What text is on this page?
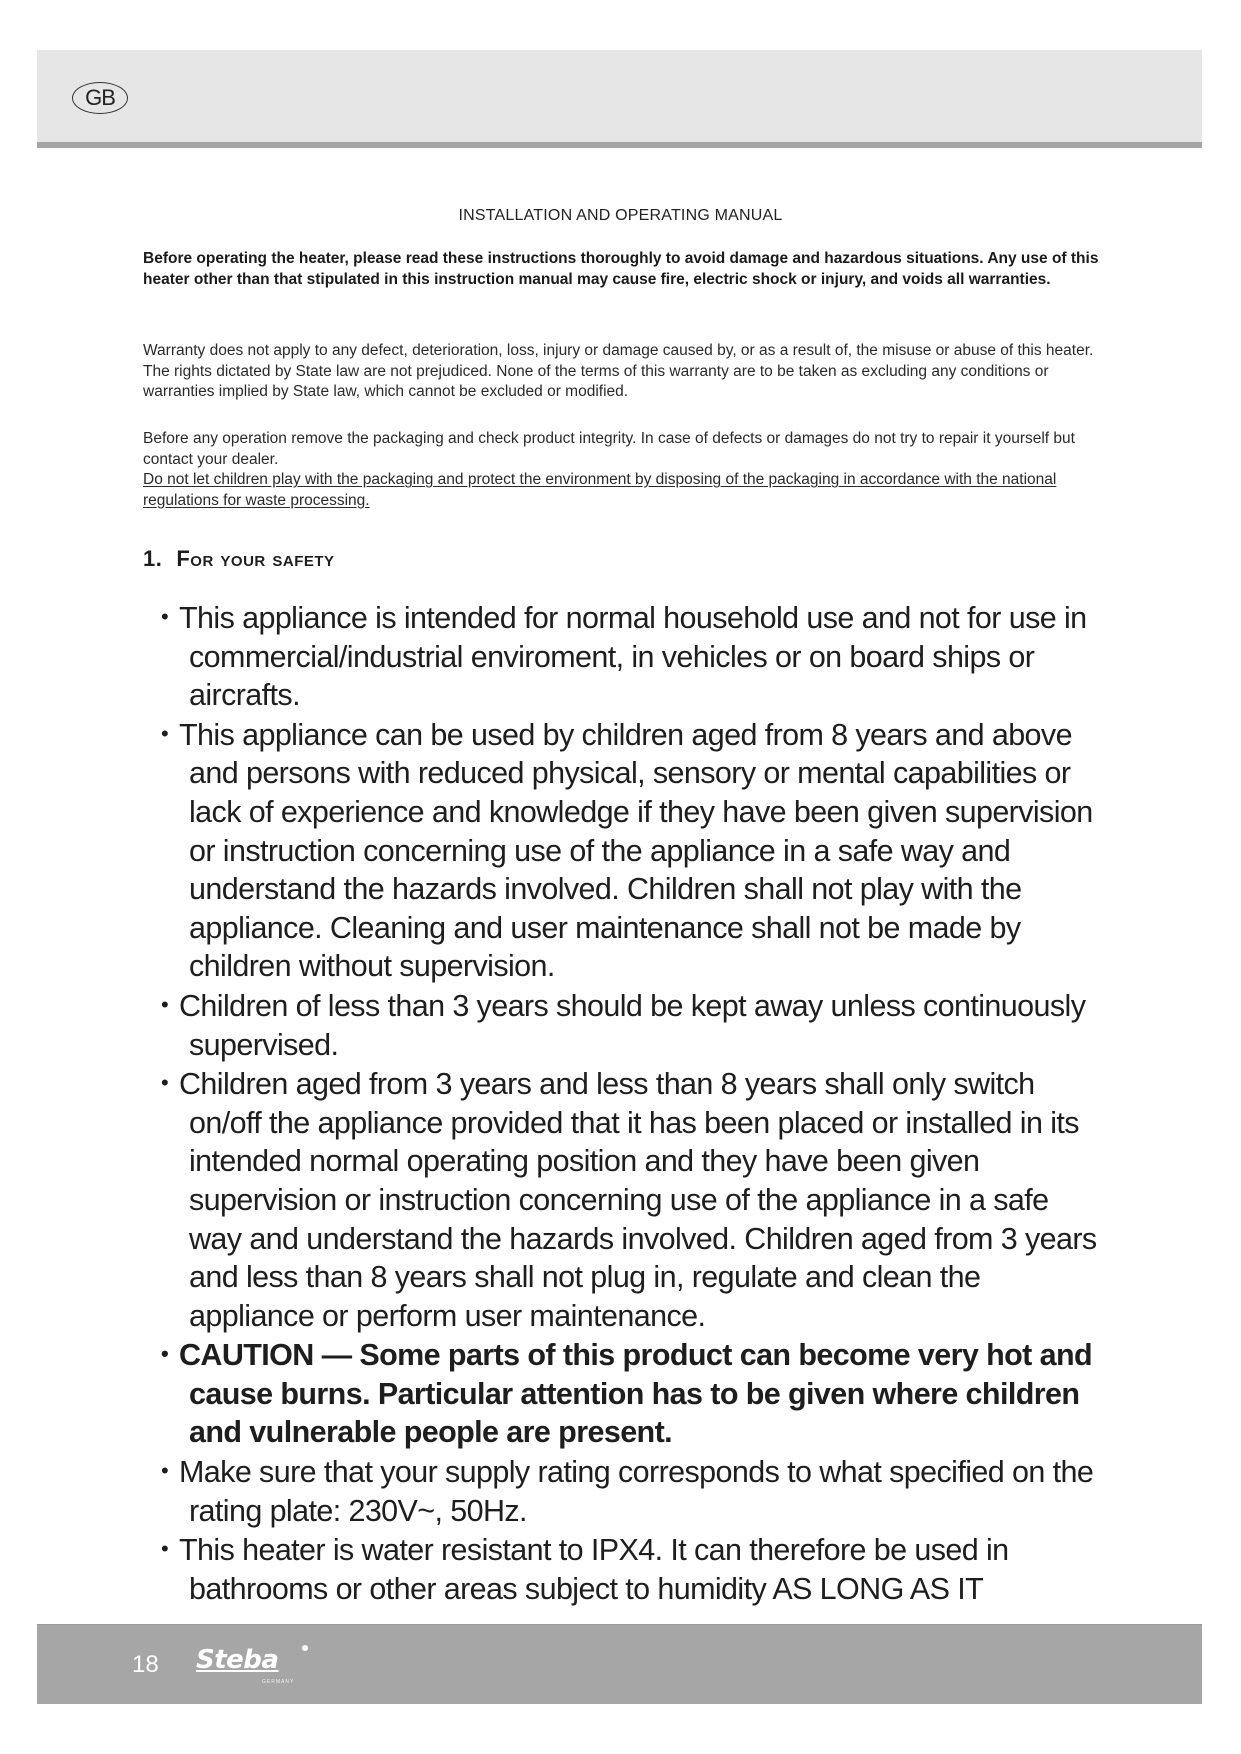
GB
INSTALLATION AND OPERATING MANUAL

Before operating the heater, please read these instructions thoroughly to avoid damage and hazardous situations. Any use of this heater other than that stipulated in this instruction manual may cause fire, electric shock or injury, and voids all warranties.

Warranty does not apply to any defect, deterioration, loss, injury or damage caused by, or as a result of, the misuse or abuse of this heater. The rights dictated by State law are not prejudiced. None of the terms of this warranty are to be taken as excluding any conditions or warranties implied by State law, which cannot be excluded or modified.

Before any operation remove the packaging and check product integrity. In case of defects or damages do not try to repair it yourself but contact your dealer.
Do not let children play with the packaging and protect the environment by disposing of the packaging in accordance with the national regulations for waste processing.
1. For your safety
• This appliance is intended for normal household use and not for use in commercial/industrial enviroment, in vehicles or on board ships or aircrafts.
• This appliance can be used by children aged from 8 years and above and persons with reduced physical, sensory or mental capabilities or lack of experience and knowledge if they have been given supervision or instruction concerning use of the appliance in a safe way and understand the hazards involved. Children shall not play with the appliance. Cleaning and user maintenance shall not be made by children without supervision.
• Children of less than 3 years should be kept away unless continuously supervised.
• Children aged from 3 years and less than 8 years shall only switch on/off the appliance provided that it has been placed or installed in its intended normal operating position and they have been given supervision or instruction concerning use of the appliance in a safe way and understand the hazards involved. Children aged from 3 years and less than 8 years shall not plug in, regulate and clean the appliance or perform user maintenance.
• CAUTION — Some parts of this product can become very hot and cause burns. Particular attention has to be given where children and vulnerable people are present.
• Make sure that your supply rating corresponds to what specified on the rating plate: 230V~, 50Hz.
• This heater is water resistant to IPX4. It can therefore be used in bathrooms or other areas subject to humidity AS LONG AS IT
18 Steba
GERMANY
